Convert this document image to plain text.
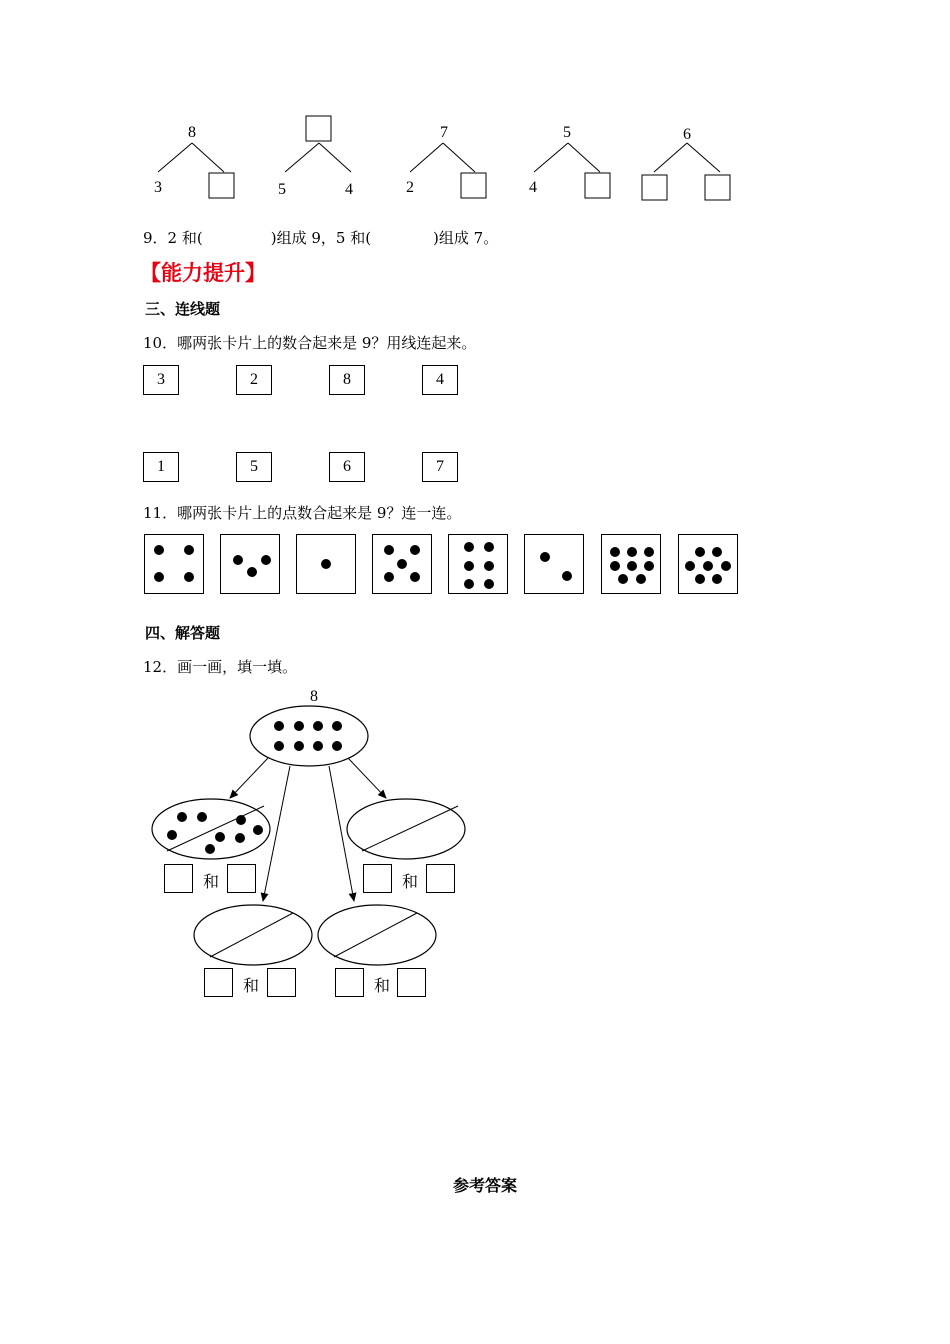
8
3	5	4
7
2
5
4
6
9．2 和(	)组成 9，5 和(	)组成 7。
【能力提升】
三、连线题
10．哪两张卡片上的数合起来是 9？用线连起来。
3	2	8	4
1	5	6	7
11．哪两张卡片上的点数合起来是 9？连一连。
四、解答题
12．画一画，填一填。
8
和	和
和	和
参考答案
